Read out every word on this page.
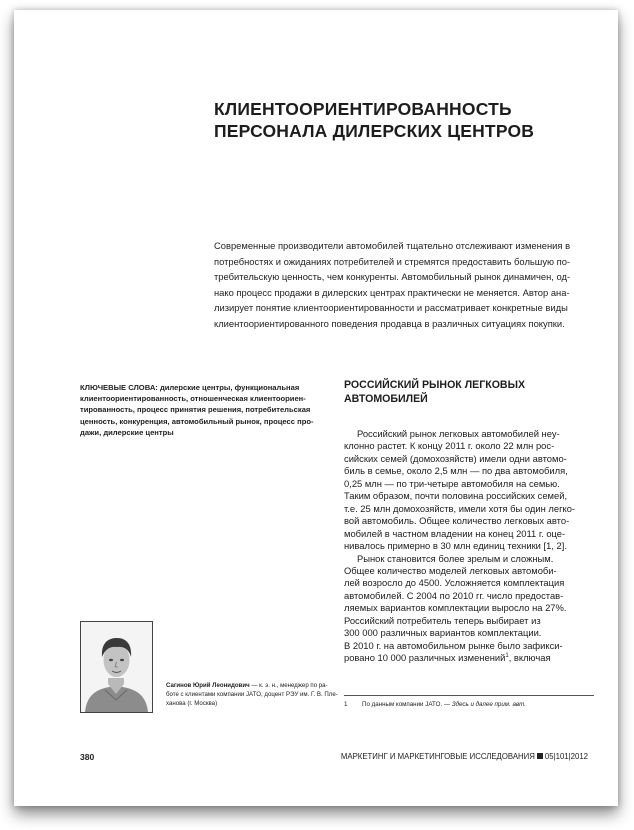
КЛИЕНТООРИЕНТИРОВАННОСТЬ
ПЕРСОНАЛА ДИЛЕРСКИХ ЦЕНТРОВ
Современные производители автомобилей тщательно отслеживают изменения в
потребностях и ожиданиях потребителей и стремятся предоставить большую по-
требительскую ценность, чем конкуренты. Автомобильный рынок динамичен, од-
нако процесс продажи в дилерских центрах практически не меняется. Автор ана-
лизирует понятие клиентоориентированности и рассматривает конкретные виды
клиентоориентированного поведения продавца в различных ситуациях покупки.
КЛЮЧЕВЫЕ СЛОВА: дилерские центры, функциональная
клиентоориентированность, отношенческая клиентоориен-
тированность, процесс принятия решения, потребительская
ценность, конкуренция, автомобильный рынок, процесс про-
дажи, дилерские центры
РОССИЙСКИЙ РЫНОК ЛЕГКОВЫХ
АВТОМОБИЛЕЙ
Российский рынок легковых автомобилей неу-
клонно растет. К концу 2011 г. около 22 млн рос-
сийских семей (домохозяйств) имели одни автомо-
биль в семье, около 2,5 млн — по два автомобиля,
0,25 млн — по три-четыре автомобиля на семью.
Таким образом, почти половина российских семей,
т.е. 25 млн домохозяйств, имели хотя бы один легко-
вой автомобиль. Общее количество легковых авто-
мобилей в частном владении на конец 2011 г. оце-
нивалось примерно в 30 млн единиц техники [1, 2].
Рынок становится более зрелым и сложным.
Общее количество моделей легковых автомоби-
лей возросло до 4500. Усложняется комплектация
автомобилей. С 2004 по 2010 гг. число предостав-
ляемых вариантов комплектации выросло на 27%.
Российский потребитель теперь выбирает из
300 000 различных вариантов комплектации.
В 2010 г. на автомобильном рынке было зафикси-
ровано 10 000 различных изменений$^1$, включая
Сагинов Юрий Леонидович — к. э. н., менеджер по ра-
боте с клиентами компании JATO, доцент РЭУ им. Г. В. Пле-
ханова (г. Москва)	1 По данным компании JATO. — Здесь и далее прим. авт.
380	МАРКЕТИНГ И МАРКЕТИНГОВЫЕ ИССЛЕДОВАНИЯ 05|101|2012
